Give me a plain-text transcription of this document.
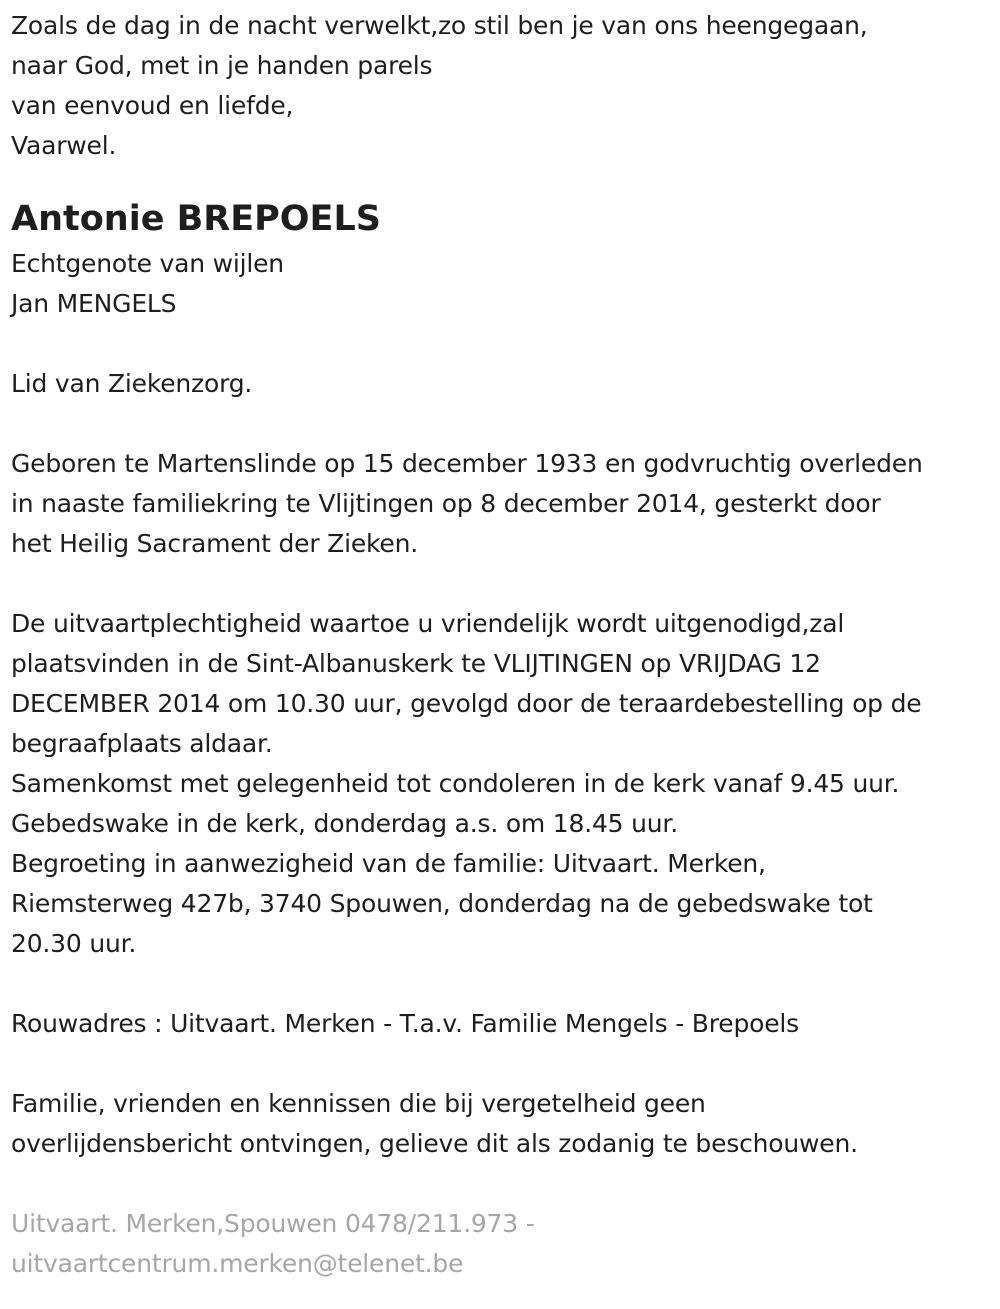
Zoals de dag in de nacht verwelkt,zo stil ben je van ons heengegaan,
naar God, met in je handen parels
van eenvoud en liefde,
Vaarwel.
Antonie BREPOELS
Echtgenote van wijlen
Jan MENGELS
Lid van Ziekenzorg.
Geboren te Martenslinde op 15 december 1933 en godvruchtig overleden
in naaste familiekring te Vlijtingen op 8 december 2014, gesterkt door
het Heilig Sacrament der Zieken.
De uitvaartplechtigheid waartoe u vriendelijk wordt uitgenodigd,zal
plaatsvinden in de Sint-Albanuskerk te VLIJTINGEN op VRIJDAG 12
DECEMBER 2014 om 10.30 uur, gevolgd door de teraardebestelling op de
begraafplaats aldaar.
Samenkomst met gelegenheid tot condoleren in de kerk vanaf 9.45 uur.
Gebedswake in de kerk, donderdag a.s. om 18.45 uur.
Begroeting in aanwezigheid van de familie: Uitvaart. Merken,
Riemsterweg 427b, 3740 Spouwen, donderdag na de gebedswake tot
20.30 uur.
Rouwadres : Uitvaart. Merken - T.a.v. Familie Mengels - Brepoels
Familie, vrienden en kennissen die bij vergetelheid geen
overlijdensbericht ontvingen, gelieve dit als zodanig te beschouwen.
Uitvaart. Merken,Spouwen 0478/211.973 -
uitvaartcentrum.merken@telenet.be
